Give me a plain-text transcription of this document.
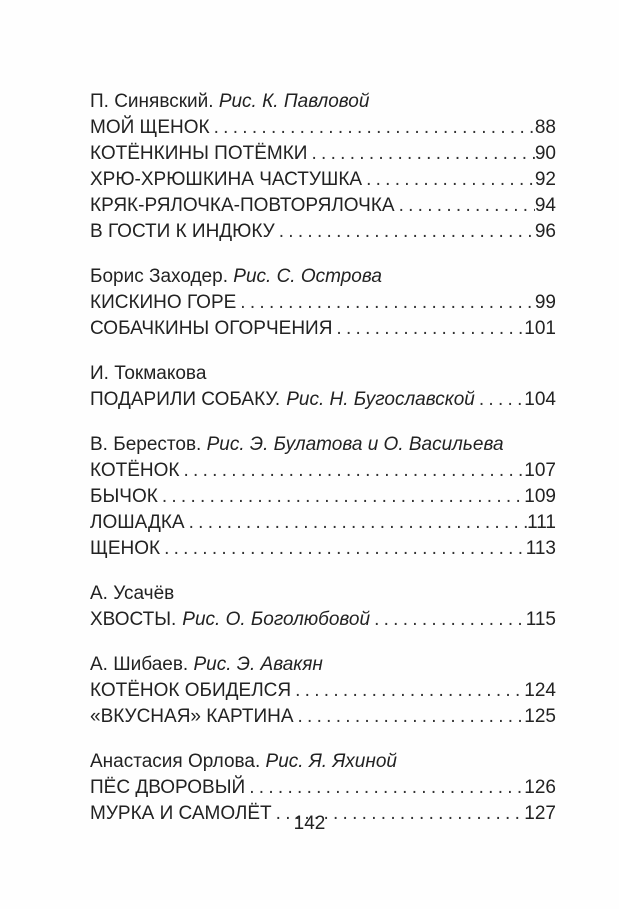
П. Синявский. Рис. К. Павловой
МОЙ ЩЕНОК . . .	88
КОТЁНКИНЫ ПОТЁМКИ . . .	90
ХРЮ-ХРЮШКИНА ЧАСТУШКА . . .	92
КРЯК-РЯЛОЧКА-ПОВТОРЯЛОЧКА . . .	94
В ГОСТИ К ИНДЮКУ . . .	96
Борис Заходер. Рис. С. Острова
КИСКИНО ГОРЕ . . .	99
СОБАЧКИНЫ ОГОРЧЕНИЯ . . .	101
И. Токмакова
ПОДАРИЛИ СОБАКУ. Рис. Н. Бугославской . . .	104
В. Берестов. Рис. Э. Булатова и О. Васильева
КОТЁНОК . . .	107
БЫЧОК . . .	109
ЛОШАДКА . . .	111
ЩЕНОК . . .	113
А. Усачёв
ХВОСТЫ. Рис. О. Боголюбовой . . .	115
А. Шибаев. Рис. Э. Авакян
КОТЁНОК ОБИДЕЛСЯ . . .	124
«ВКУСНАЯ» КАРТИНА . . .	125
Анастасия Орлова. Рис. Я. Яхиной
ПЁС ДВОРОВЫЙ . . .	126
МУРКА И САМОЛЁТ . . .	127
142
